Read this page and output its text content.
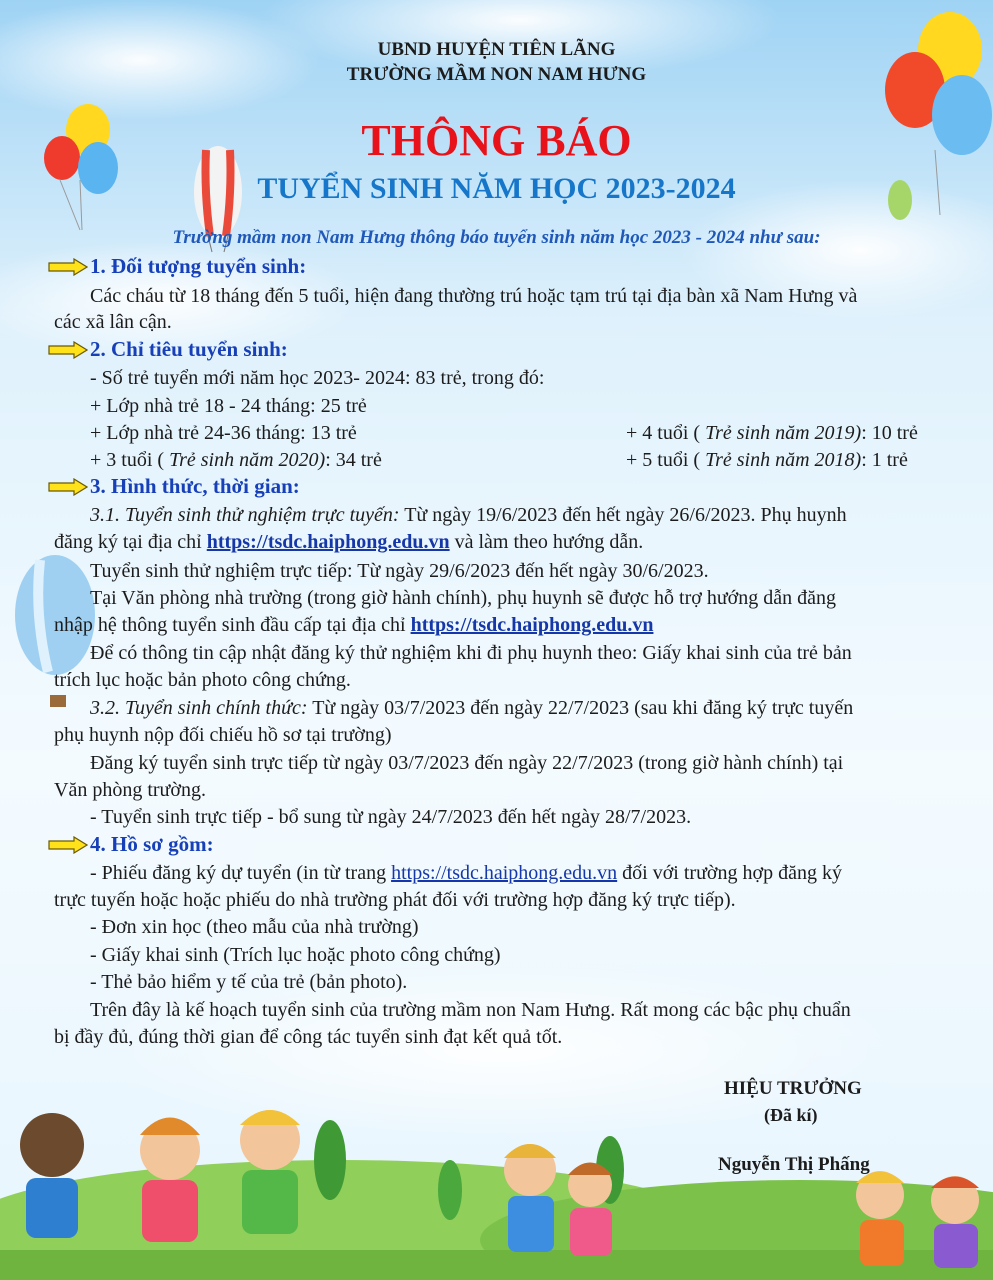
UBND HUYỆN TIÊN LÃNG
TRƯỜNG MẦM NON NAM HƯNG
THÔNG BÁO
TUYỂN SINH NĂM HỌC 2023-2024
Trường mầm non Nam Hưng thông báo tuyển sinh năm học 2023 - 2024 như sau:
1. Đối tượng tuyển sinh:
Các cháu từ 18 tháng đến 5 tuổi, hiện đang thường trú hoặc tạm trú tại địa bàn xã Nam Hưng và
các xã lân cận.
2. Chỉ tiêu tuyển sinh:
- Số trẻ tuyển mới năm học 2023- 2024: 83 trẻ, trong đó:
+ Lớp nhà trẻ 18 - 24 tháng: 25 trẻ
+ Lớp nhà trẻ 24-36 tháng: 13 trẻ
+ 3 tuổi ( Trẻ sinh năm 2020): 34 trẻ
+ 4 tuổi ( Trẻ sinh năm 2019): 10 trẻ
+ 5 tuổi ( Trẻ sinh năm 2018): 1 trẻ
3. Hình thức, thời gian:
3.1. Tuyển sinh thử nghiệm trực tuyến: Từ ngày 19/6/2023 đến hết ngày 26/6/2023. Phụ huynh
đăng ký tại địa chỉ https://tsdc.haiphong.edu.vn và làm theo hướng dẫn.
Tuyển sinh thử nghiệm trực tiếp: Từ ngày 29/6/2023 đến hết ngày 30/6/2023.
Tại Văn phòng nhà trường (trong giờ hành chính), phụ huynh sẽ được hỗ trợ hướng dẫn đăng
nhập hệ thông tuyển sinh đầu cấp tại địa chỉ https://tsdc.haiphong.edu.vn
Để có thông tin cập nhật đăng ký thử nghiệm khi đi phụ huynh theo: Giấy khai sinh của trẻ bản
trích lục hoặc bản photo công chứng.
3.2. Tuyển sinh chính thức: Từ ngày 03/7/2023 đến ngày 22/7/2023 (sau khi đăng ký trực tuyến
phụ huynh nộp đối chiếu hồ sơ tại trường)
Đăng ký tuyển sinh trực tiếp từ ngày 03/7/2023 đến ngày 22/7/2023 (trong giờ hành chính) tại
Văn phòng trường.
- Tuyển sinh trực tiếp - bổ sung từ ngày 24/7/2023 đến hết ngày 28/7/2023.
4. Hồ sơ gồm:
- Phiếu đăng ký dự tuyển (in từ trang https://tsdc.haiphong.edu.vn đối với trường hợp đăng ký
trực tuyến hoặc hoặc phiếu do nhà trường phát đối với trường hợp đăng ký trực tiếp).
- Đơn xin học (theo mẫu của nhà trường)
- Giấy khai sinh (Trích lục hoặc photo công chứng)
- Thẻ bảo hiểm y tế của trẻ (bản photo).
Trên đây là kế hoạch tuyển sinh của trường mầm non Nam Hưng. Rất mong các bậc phụ chuẩn
bị đầy đủ, đúng thời gian để công tác tuyển sinh đạt kết quả tốt.
HIỆU TRƯỞNG
(Đã kí)
Nguyễn Thị Phấng
